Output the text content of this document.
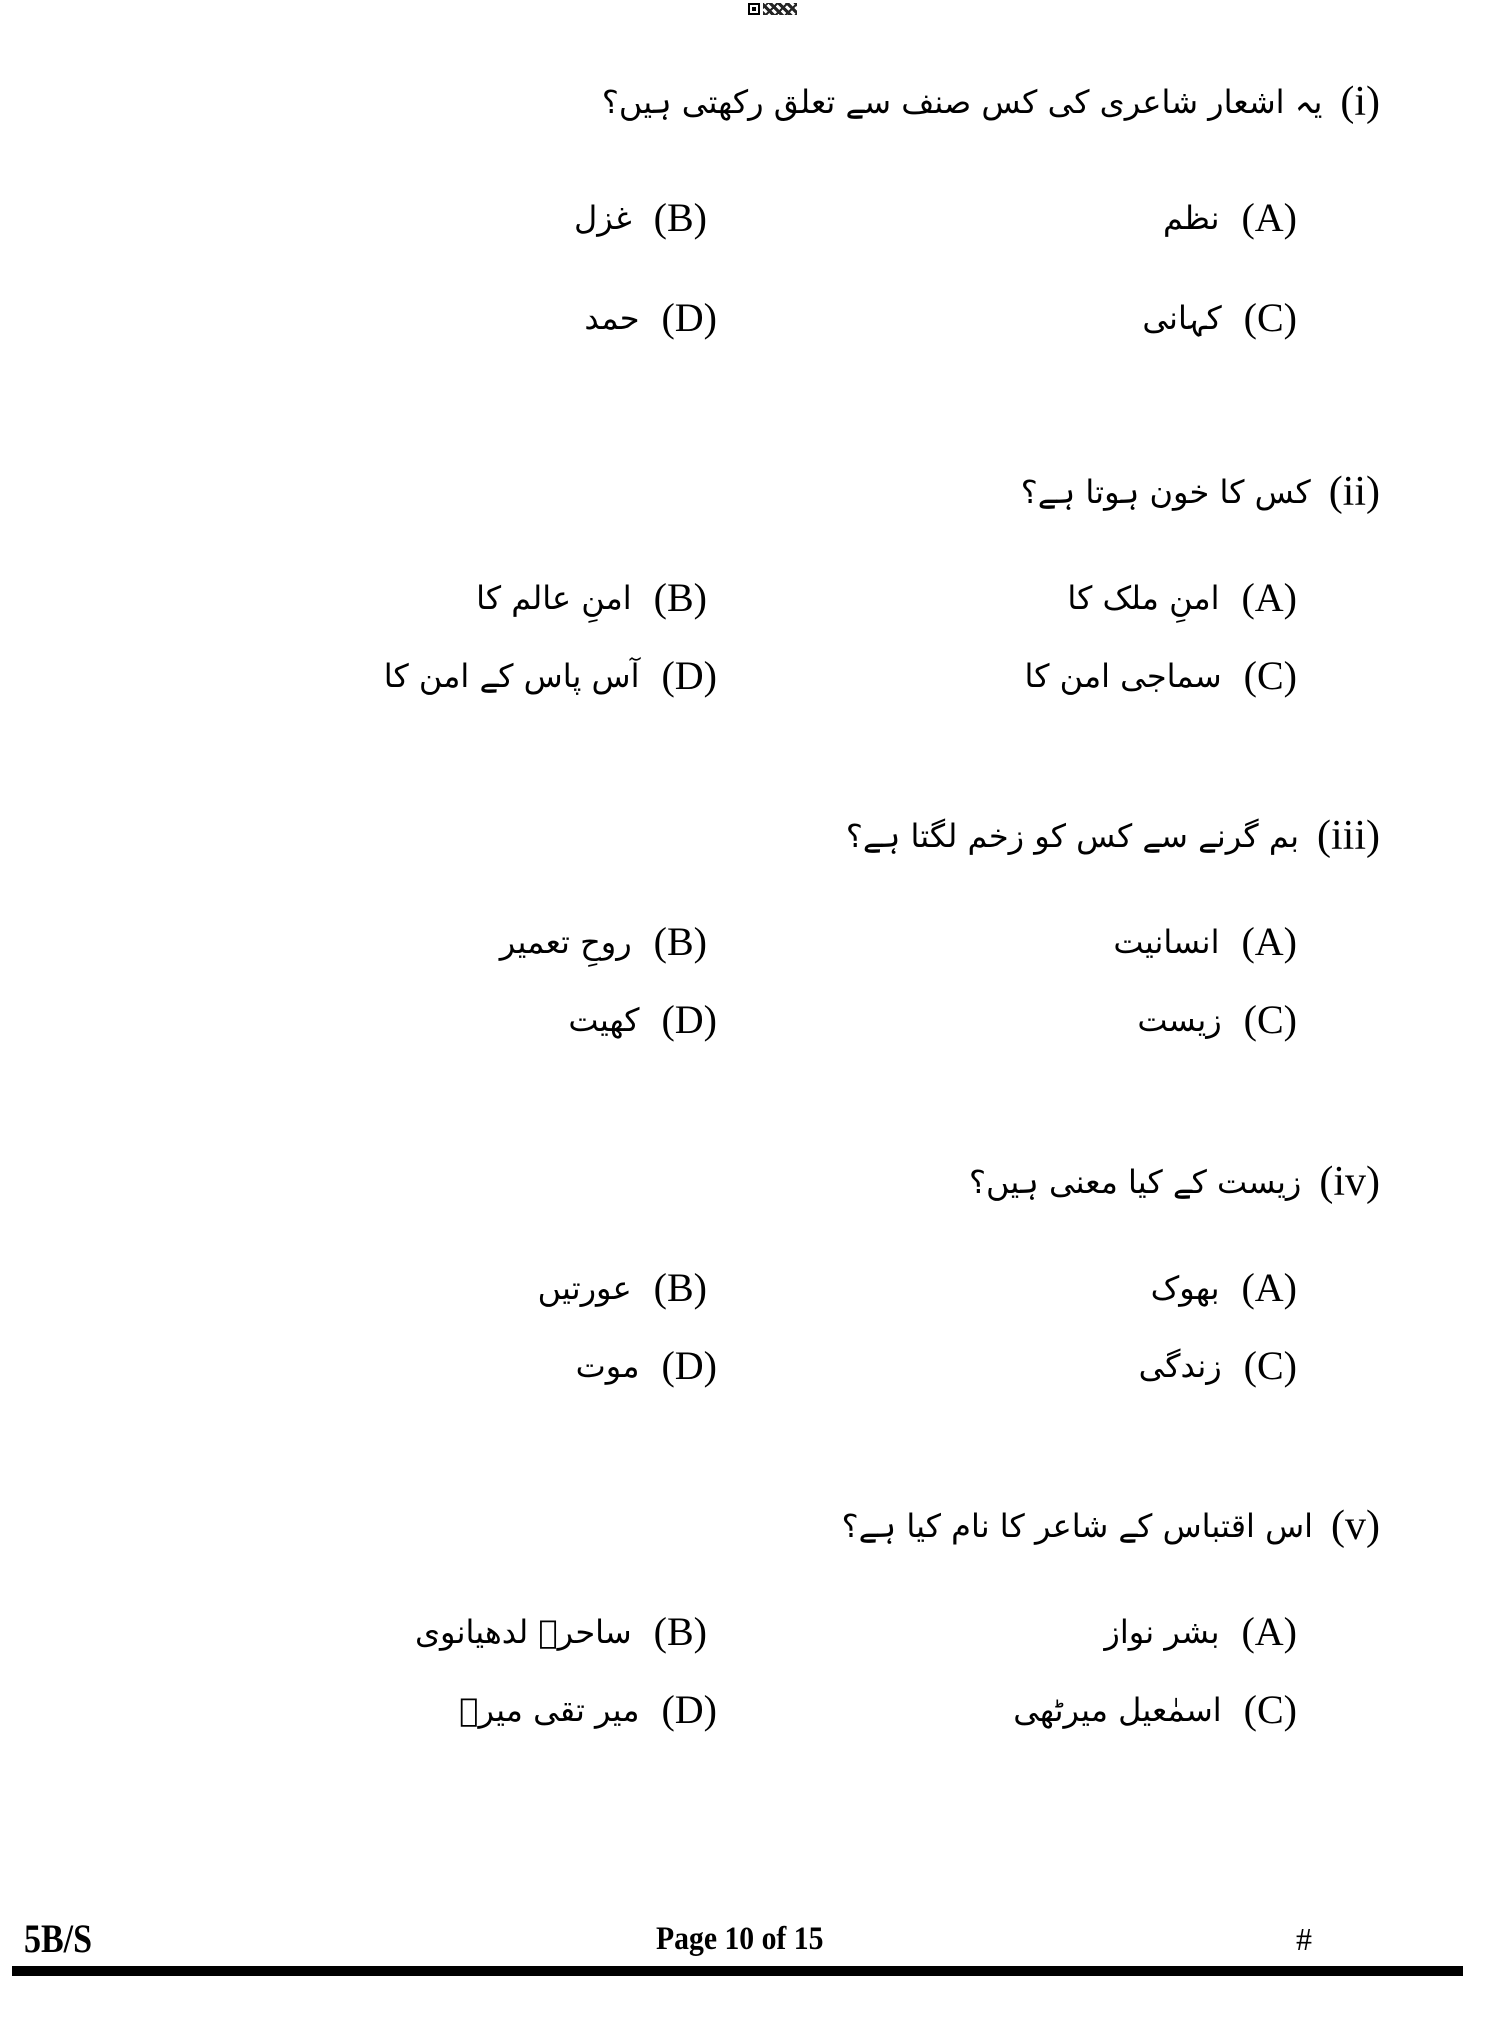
(i)
یہ اشعار شاعری کی کس صنف سے تعلق رکھتی ہیں؟
(A)
نظم
(B)
غزل
(C)
کہانی
(D)
حمد
(ii)
کس کا خون ہوتا ہے؟
(A)
امنِ ملک کا
(B)
امنِ عالم کا
(C)
سماجی امن کا
(D)
آس پاس کے امن کا
(iii)
بم گرنے سے کس کو زخم لگتا ہے؟
(A)
انسانیت
(B)
روحِ تعمیر
(C)
زیست
(D)
کھیت
(iv)
زیست کے کیا معنی ہیں؟
(A)
بھوک
(B)
عورتیں
(C)
زندگی
(D)
موت
(v)
اس اقتباس کے شاعر کا نام کیا ہے؟
(A)
بشر نواز
(B)
ساحرؔ لدھیانوی
(C)
اسمٰعیل میرٹھی
(D)
میر تقی میرؔ
5B/S	Page 10 of 15	#
